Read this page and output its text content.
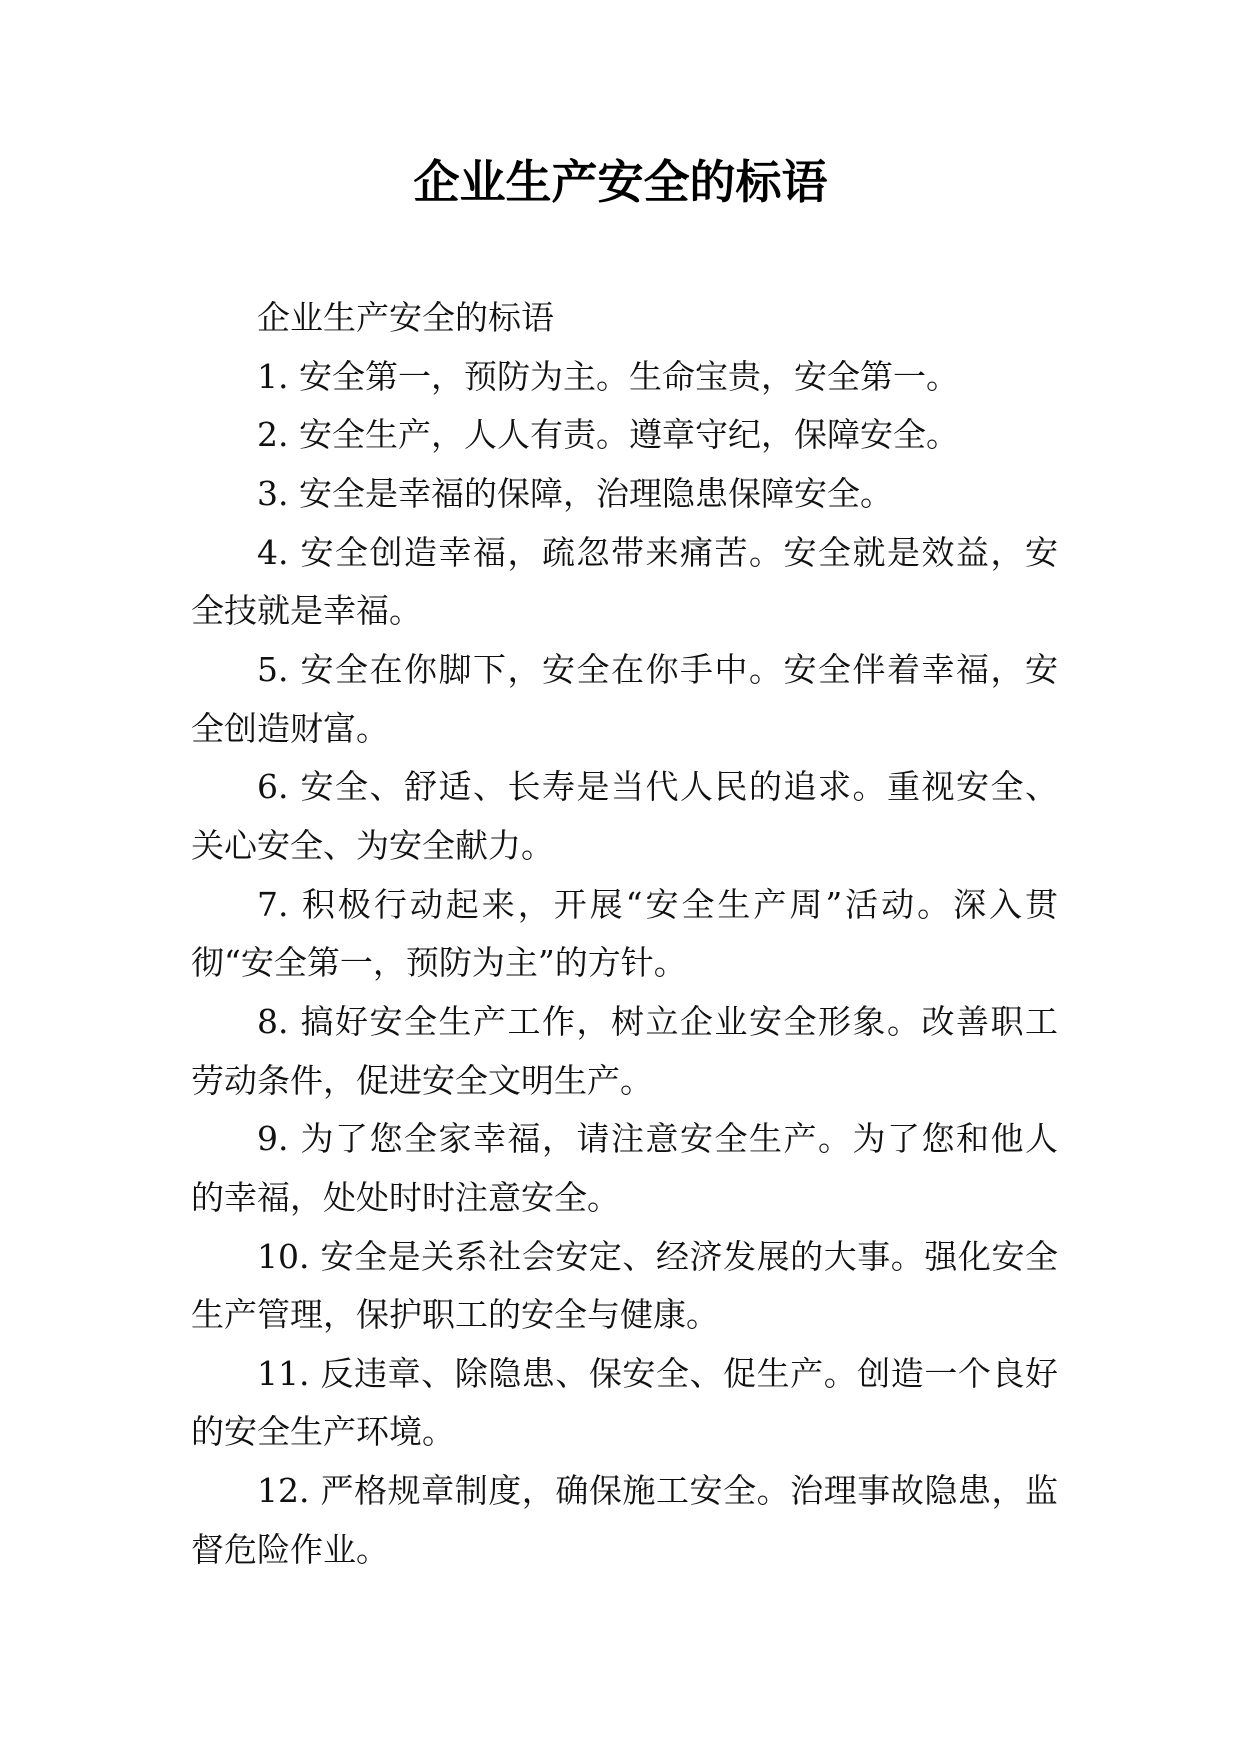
企业生产安全的标语
企业生产安全的标语
1. 安全第一，预防为主。生命宝贵，安全第一。
2. 安全生产，人人有责。遵章守纪，保障安全。
3. 安全是幸福的保障，治理隐患保障安全。
4. 安全创造幸福，疏忽带来痛苦。安全就是效益，安
全技就是幸福。
5. 安全在你脚下，安全在你手中。安全伴着幸福，安
全创造财富。
6. 安全、舒适、长寿是当代人民的追求。重视安全、
关心安全、为安全献力。
7. 积极行动起来，开展“安全生产周”活动。深入贯
彻“安全第一，预防为主”的方针。
8. 搞好安全生产工作，树立企业安全形象。改善职工
劳动条件，促进安全文明生产。
9. 为了您全家幸福，请注意安全生产。为了您和他人
的幸福，处处时时注意安全。
10. 安全是关系社会安定、经济发展的大事。强化安全
生产管理，保护职工的安全与健康。
11. 反违章、除隐患、保安全、促生产。创造一个良好
的安全生产环境。
12. 严格规章制度，确保施工安全。治理事故隐患，监
督危险作业。
